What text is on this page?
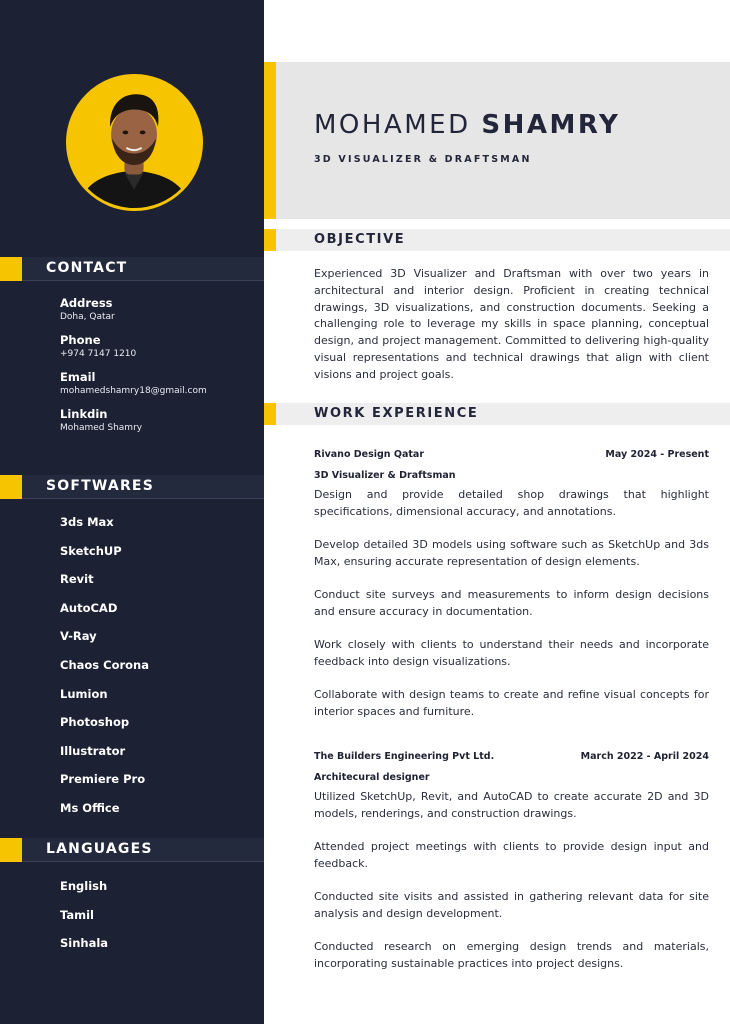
CONTACT
Address
Doha, Qatar
Phone
+974 7147 1210
Email
mohamedshamry18@gmail.com
Linkdin
Mohamed Shamry
SOFTWARES
3ds Max
SketchUP
Revit
AutoCAD
V-Ray
Chaos Corona
Lumion
Photoshop
Illustrator
Premiere Pro
Ms Office
LANGUAGES
English
Tamil
Sinhala
MOHAMED SHAMRY
3D VISUALIZER & DRAFTSMAN
OBJECTIVE

Experienced 3D Visualizer and Draftsman with over two years in architectural and interior design. Proficient in creating technical drawings, 3D visualizations, and construction documents. Seeking a challenging role to leverage my skills in space planning, conceptual design, and project management. Committed to delivering high-quality visual representations and technical drawings that align with client visions and project goals.

WORK EXPERIENCE
Rivano Design Qatar	May 2024 - Present
3D Visualizer & Draftsman

Design and provide detailed shop drawings that highlight specifications, dimensional accuracy, and annotations.

Develop detailed 3D models using software such as SketchUp and 3ds Max, ensuring accurate representation of design elements.

Conduct site surveys and measurements to inform design decisions and ensure accuracy in documentation.

Work closely with clients to understand their needs and incorporate feedback into design visualizations.

Collaborate with design teams to create and refine visual concepts for interior spaces and furniture.

The Builders Engineering Pvt Ltd.	March 2022 - April 2024
Architecural designer

Utilized SketchUp, Revit, and AutoCAD to create accurate 2D and 3D models, renderings, and construction drawings.

Attended project meetings with clients to provide design input and feedback.

Conducted site visits and assisted in gathering relevant data for site analysis and design development.

Conducted research on emerging design trends and materials, incorporating sustainable practices into project designs.
